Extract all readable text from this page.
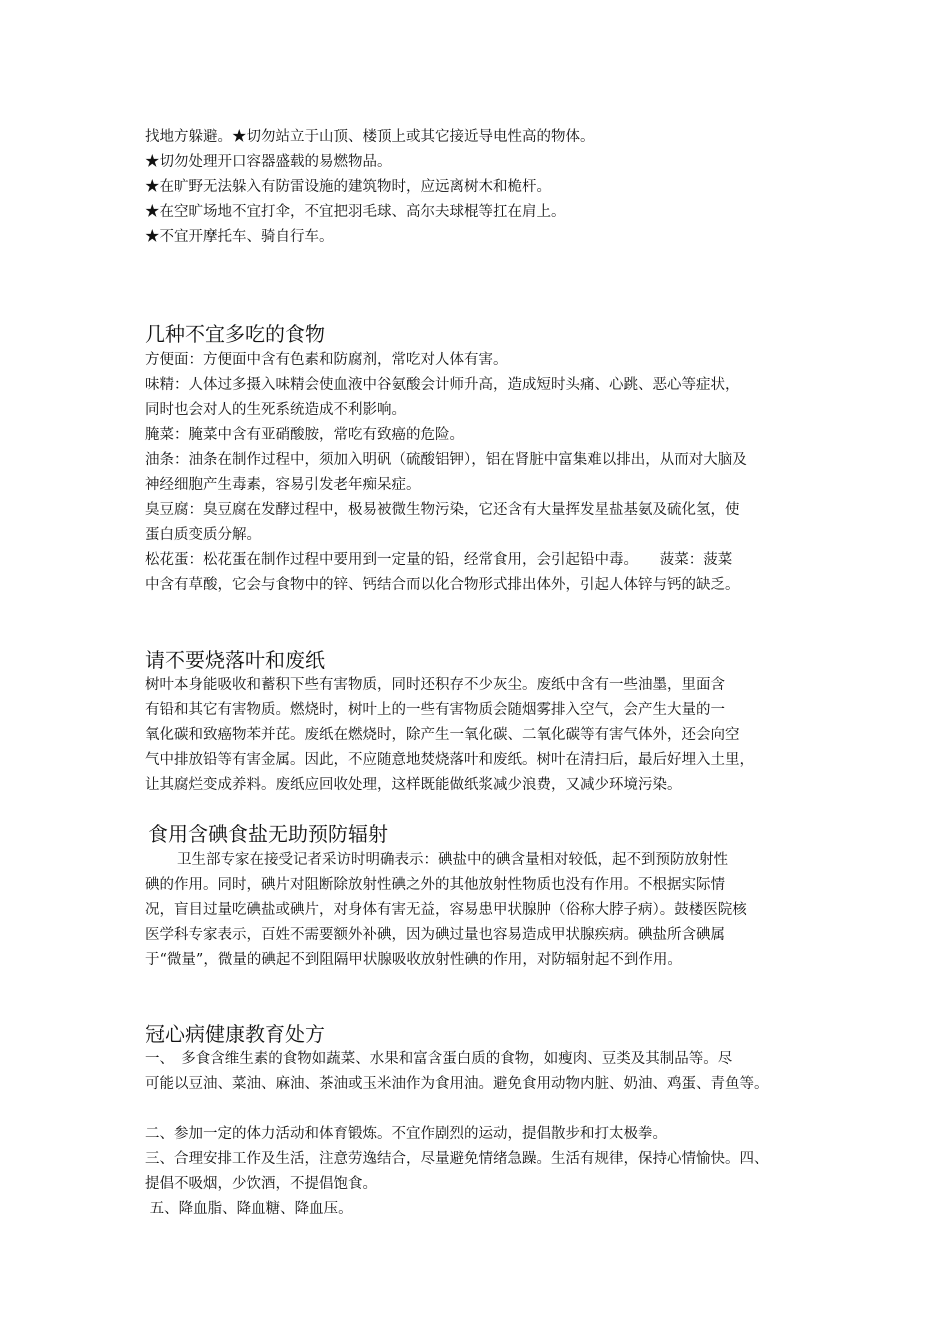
找地方躲避。★切勿站立于山顶、楼顶上或其它接近导电性高的物体。
★切勿处理开口容器盛载的易燃物品。
★在旷野无法躲入有防雷设施的建筑物时，应远离树木和桅杆。
★在空旷场地不宜打伞，不宜把羽毛球、高尔夫球棍等扛在肩上。
★不宜开摩托车、骑自行车。
几种不宜多吃的食物
方便面：方便面中含有色素和防腐剂，常吃对人体有害。
味精：人体过多摄入味精会使血液中谷氨酸会计师升高，造成短时头痛、心跳、恶心等症状，
同时也会对人的生死系统造成不利影响。
腌菜：腌菜中含有亚硝酸胺，常吃有致癌的危险。
油条：油条在制作过程中，须加入明矾（硫酸铝钾），铝在肾脏中富集难以排出，从而对大脑及
神经细胞产生毒素，容易引发老年痴呆症。
臭豆腐：臭豆腐在发酵过程中，极易被微生物污染，它还含有大量挥发星盐基氨及硫化氢，使
蛋白质变质分解。
松花蛋：松花蛋在制作过程中要用到一定量的铅，经常食用，会引起铅中毒。　　菠菜：菠菜
中含有草酸，它会与食物中的锌、钙结合而以化合物形式排出体外，引起人体锌与钙的缺乏。
请不要烧落叶和废纸
树叶本身能吸收和蓄积下些有害物质，同时还积存不少灰尘。废纸中含有一些油墨，里面含
有铅和其它有害物质。燃烧时，树叶上的一些有害物质会随烟雾排入空气，会产生大量的一
氧化碳和致癌物苯并芘。废纸在燃烧时，除产生一氧化碳、二氧化碳等有害气体外，还会向空
气中排放铅等有害金属。因此，不应随意地焚烧落叶和废纸。树叶在清扫后，最后好埋入土里，
让其腐烂变成养料。废纸应回收处理，这样既能做纸浆减少浪费，又减少环境污染。
食用含碘食盐无助预防辐射
卫生部专家在接受记者采访时明确表示：碘盐中的碘含量相对较低，起不到预防放射性
碘的作用。同时，碘片对阻断除放射性碘之外的其他放射性物质也没有作用。不根据实际情
况，盲目过量吃碘盐或碘片，对身体有害无益，容易患甲状腺肿（俗称大脖子病）。鼓楼医院核
医学科专家表示，百姓不需要额外补碘，因为碘过量也容易造成甲状腺疾病。碘盐所含碘属
于“微量”，微量的碘起不到阻隔甲状腺吸收放射性碘的作用，对防辐射起不到作用。
冠心病健康教育处方
一、　多食含维生素的食物如蔬菜、水果和富含蛋白质的食物，如瘦肉、豆类及其制品等。尽
可能以豆油、菜油、麻油、茶油或玉米油作为食用油。避免食用动物内脏、奶油、鸡蛋、青鱼等。
二、参加一定的体力活动和体育锻炼。不宜作剧烈的运动，提倡散步和打太极拳。
三、合理安排工作及生活，注意劳逸结合，尽量避免情绪急躁。生活有规律，保持心情愉快。四、
提倡不吸烟，少饮酒，不提倡饱食。
五、降血脂、降血糖、降血压。
